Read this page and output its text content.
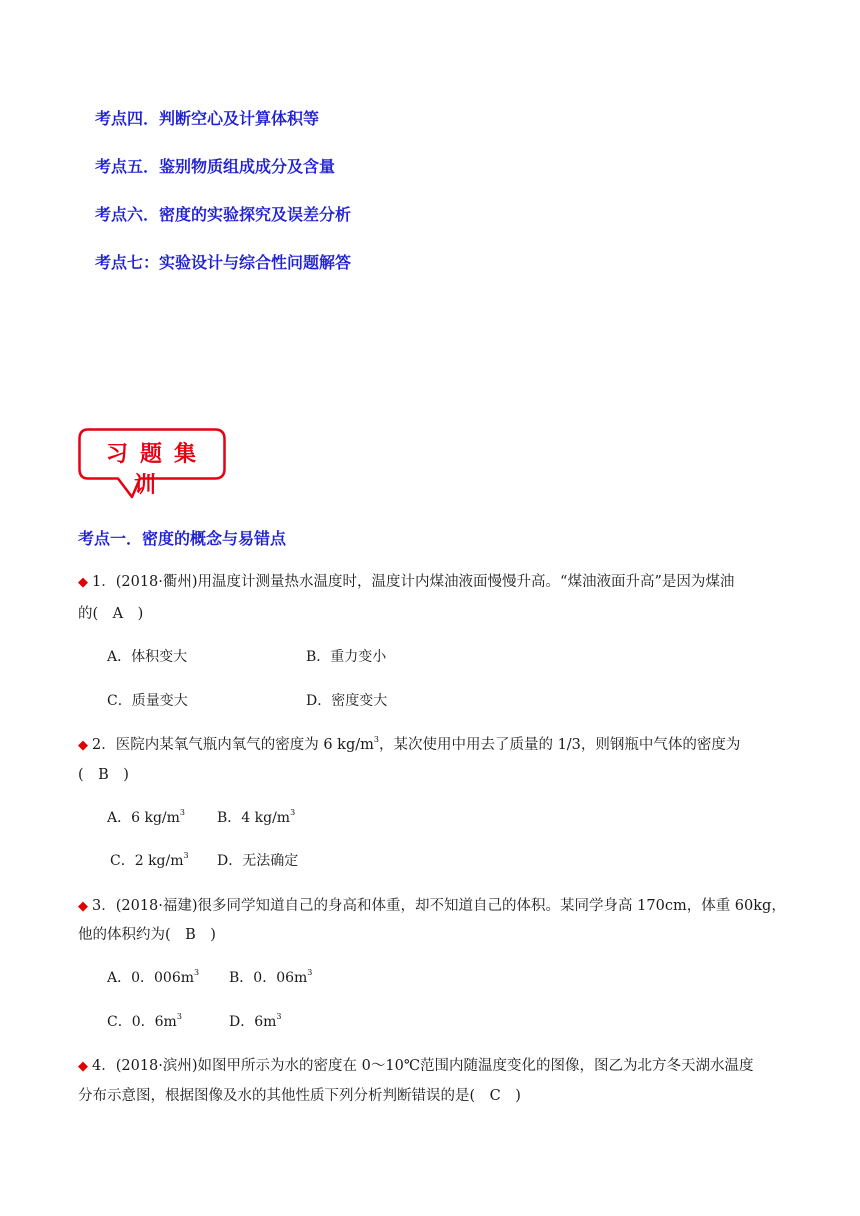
考点四．判断空心及计算体积等
考点五．鉴别物质组成成分及含量
考点六．密度的实验探究及误差分析
考点七：实验设计与综合性问题解答
习题集训
考点一．密度的概念与易错点
◆ 1．(2018·衢州)用温度计测量热水温度时，温度计内煤油液面慢慢升高。“煤油液面升高”是因为煤油
的(　A　)
A．体积变大	B．重力变小
C．质量变大	D．密度变大
◆ 2．医院内某氧气瓶内氧气的密度为 6 $kg/m^3$，某次使用中用去了质量的 1/3，则钢瓶中气体的密度为
(　B　)
A．6 $kg/m^3$ B．4 $kg/m^3$
C．2 $kg/m^3$ D．无法确定
◆ 3．(2018·福建)很多同学知道自己的身高和体重，却不知道自己的体积。某同学身高 170cm，体重 60kg，
他的体积约为(　B　)
A．0．$006m^3$ B．0．$06m^3$
C．0．$6m^3$	D．$6m^3$
◆ 4．(2018·滨州)如图甲所示为水的密度在 0～10℃范围内随温度变化的图像，图乙为北方冬天湖水温度
分布示意图，根据图像及水的其他性质下列分析判断错误的是(　C　)
